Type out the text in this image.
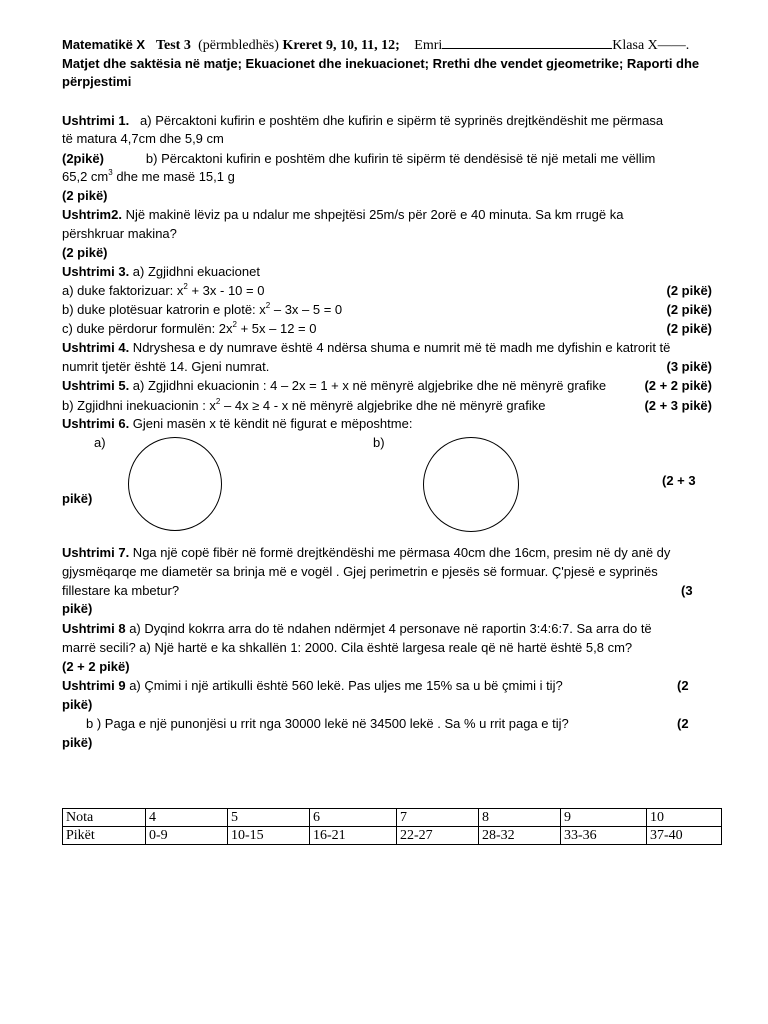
Matematikë X Test 3 (përmbledhës) Kreret 9, 10, 11, 12; Emri	Klasa X——.
Matjet dhe saktësia në matje; Ekuacionet dhe inekuacionet; Rrethi dhe vendet gjeometrike; Raporti dhe
përpjestimi
Ushtrimi 1. a) Përcaktoni kufirin e poshtëm dhe kufirin e sipërm të syprinës drejtkëndëshit me përmasa
të matura 4,7cm dhe 5,9 cm
(2pikë)	b) Përcaktoni kufirin e poshtëm dhe kufirin të sipërm të dendësisë të një metali me vëllim
65,2 $cm^3$ dhe me masë 15,1 g
(2 pikë)
Ushtrim2. Një makinë lëviz pa u ndalur me shpejtësi 25m/s për 2orë e 40 minuta. Sa km rrugë ka
përshkruar makina?
(2 pikë)
Ushtrimi 3. a) Zgjidhni ekuacionet
a) duke faktorizuar: $x^2 + 3x - 10 = 0$	(2 pikë)
b) duke plotësuar katrorin e plotë: $x^2 - 3x - 5 = 0$	(2 pikë)
c) duke përdorur formulën: $2x^2 + 5x - 12 = 0$	(2 pikë)
Ushtrimi 4. Ndryshesa e dy numrave është 4 ndërsa shuma e numrit më të madh me dyfishin e katrorit të
numrit tjetër është 14. Gjeni numrat.	(3 pikë)
Ushtrimi 5. a) Zgjidhni ekuacionin : 4 – 2x = 1 + x në mënyrë algjebrike dhe në mënyrë grafike	(2 + 2 pikë)
b) Zgjidhni inekuacionin : $x^2 - 4x \ge 4 - x$ në mënyrë algjebrike dhe në mënyrë grafike	(2 + 3 pikë)
Ushtrimi 6. Gjeni masën x të këndit në figurat e mëposhtme:
a)	b)
(2 + 3
pikë)
Ushtrimi 7. Nga një copë fibër në formë drejtkëndëshi me përmasa 40cm dhe 16cm, presim në dy anë dy
gjysmëqarqe me diametër sa brinja më e vogël . Gjej perimetrin e pjesës së formuar. Ç'pjesë e syprinës
fillestare ka mbetur?	(3
pikë)
Ushtrimi 8 a) Dyqind kokrra arra do të ndahen ndërmjet 4 personave në raportin 3:4:6:7. Sa arra do të
marrë secili? a) Një hartë e ka shkallën 1: 2000. Cila është largesa reale që në hartë është 5,8 cm?
(2 + 2 pikë)
Ushtrimi 9 a) Çmimi i një artikulli është 560 lekë. Pas uljes me 15% sa u bë çmimi i tij?	(2
pikë)
b ) Paga e një punonjësi u rrit nga 30000 lekë në 34500 lekë . Sa % u rrit paga e tij?	(2
pikë)
Nota	4	5	6	7	8	9	10
Pikët	0-9	10-15	16-21	22-27	28-32	33-36	37-40
